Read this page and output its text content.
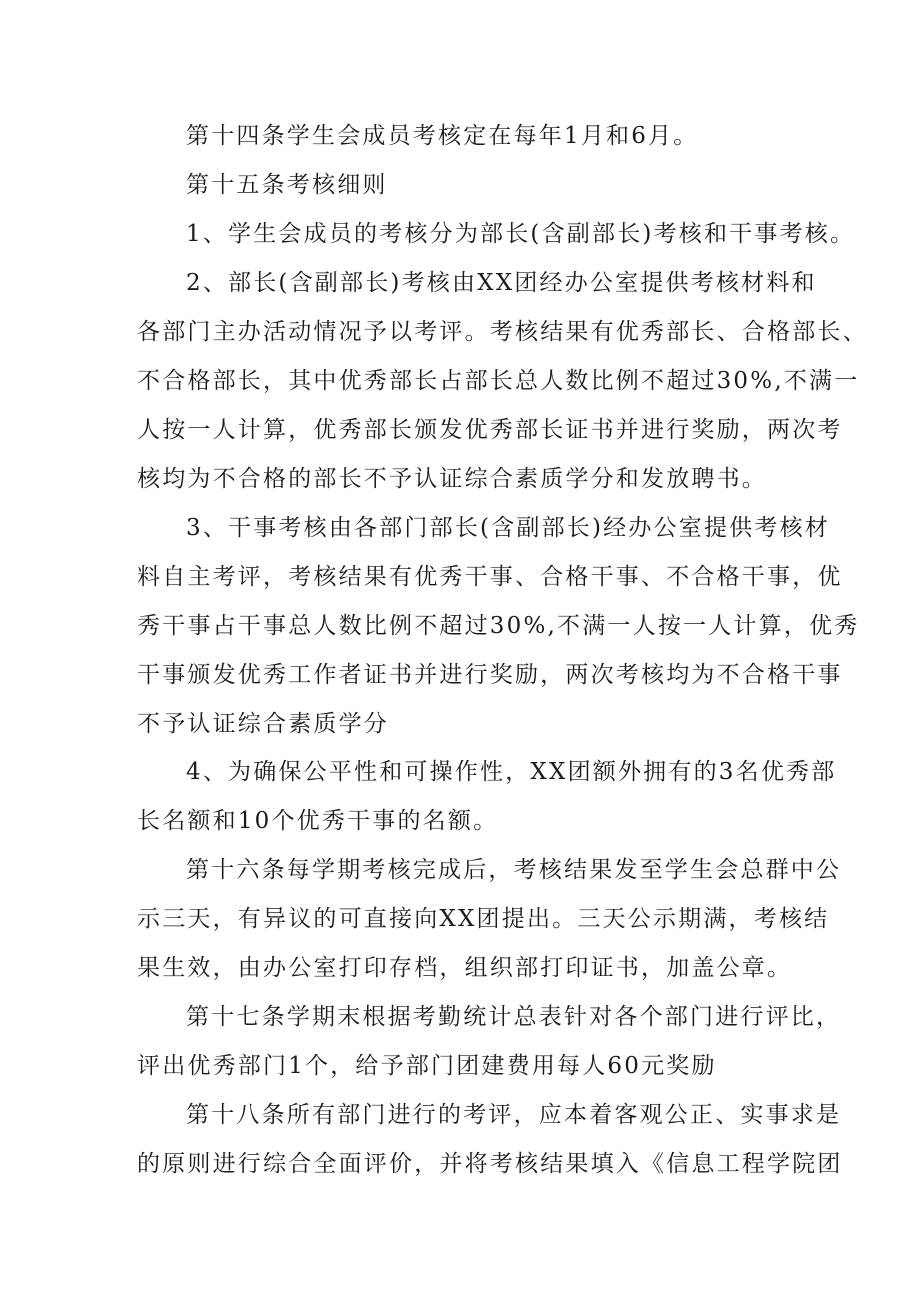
第十四条学生会成员考核定在每年1月和6月。

第十五条考核细则

1、学生会成员的考核分为部长(含副部长)考核和干事考核。

2、部长(含副部长)考核由XX团经办公室提供考核材料和

各部门主办活动情况予以考评。考核结果有优秀部长、合格部长、

不合格部长，其中优秀部长占部长总人数比例不超过30%,不满一

人按一人计算，优秀部长颁发优秀部长证书并进行奖励，两次考

核均为不合格的部长不予认证综合素质学分和发放聘书。

3、干事考核由各部门部长(含副部长)经办公室提供考核材

料自主考评，考核结果有优秀干事、合格干事、不合格干事，优

秀干事占干事总人数比例不超过30%,不满一人按一人计算，优秀

干事颁发优秀工作者证书并进行奖励，两次考核均为不合格干事

不予认证综合素质学分

4、为确保公平性和可操作性，XX团额外拥有的3名优秀部

长名额和10个优秀干事的名额。

第十六条每学期考核完成后，考核结果发至学生会总群中公

示三天，有异议的可直接向XX团提出。三天公示期满，考核结

果生效，由办公室打印存档，组织部打印证书，加盖公章。

第十七条学期末根据考勤统计总表针对各个部门进行评比，

评出优秀部门1个，给予部门团建费用每人60元奖励

第十八条所有部门进行的考评，应本着客观公正、实事求是

的原则进行综合全面评价，并将考核结果填入《信息工程学院团
